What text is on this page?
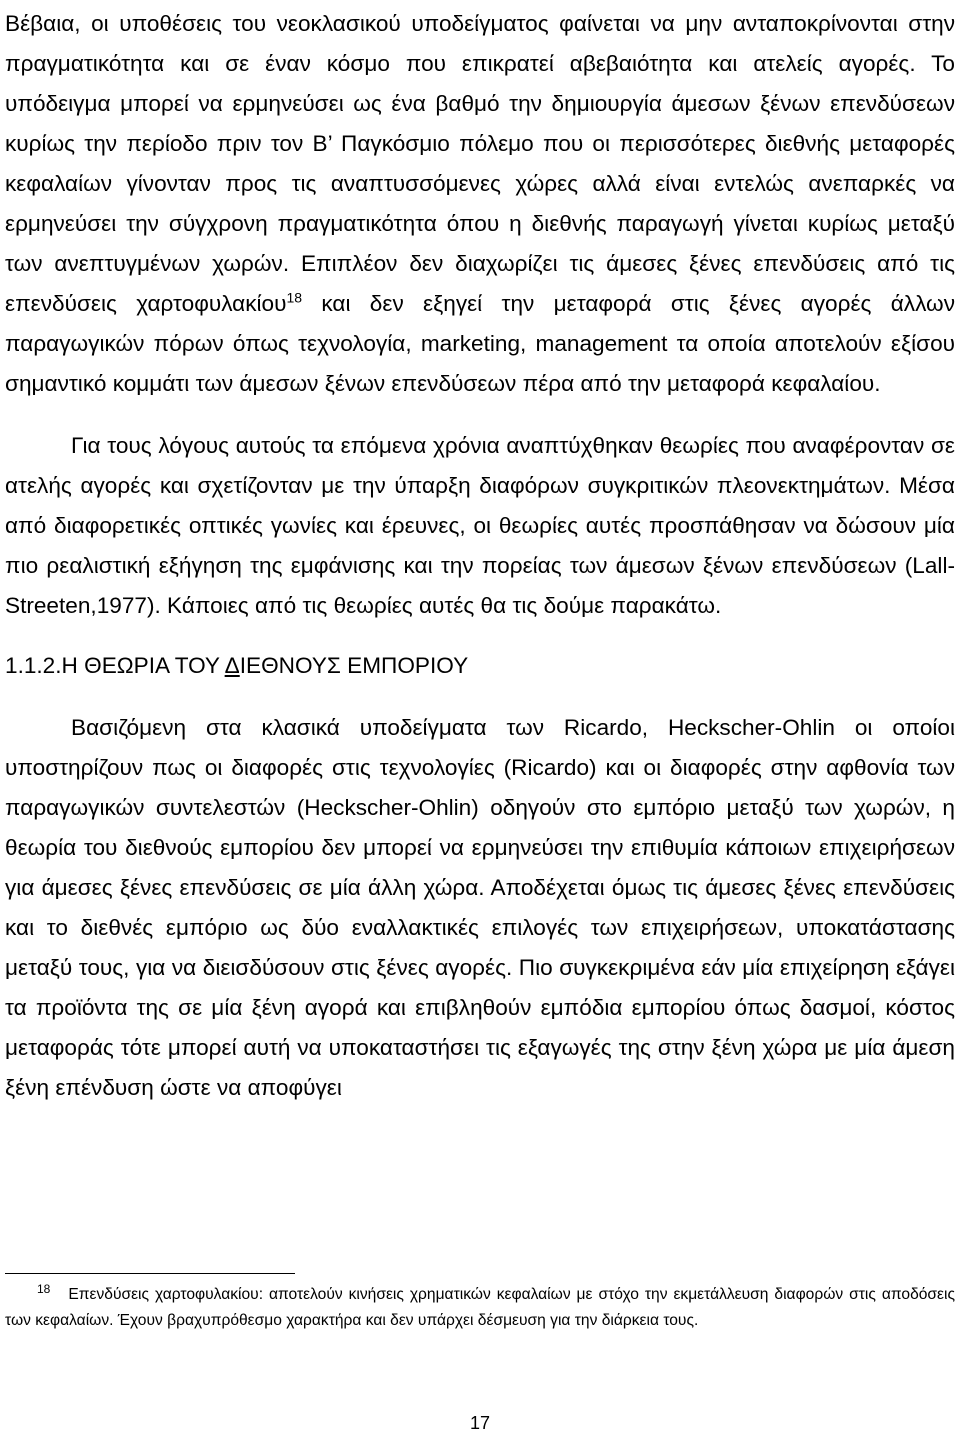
Βέβαια, οι υποθέσεις του νεοκλασικού υποδείγματος φαίνεται να μην ανταποκρίνονται στην πραγματικότητα και σε έναν κόσμο που επικρατεί αβεβαιότητα και ατελείς αγορές. Το υπόδειγμα μπορεί να ερμηνεύσει ως ένα βαθμό την δημιουργία άμεσων ξένων επενδύσεων κυρίως την περίοδο πριν τον Β’ Παγκόσμιο πόλεμο που οι περισσότερες διεθνής μεταφορές κεφαλαίων γίνονταν προς τις αναπτυσσόμενες χώρες αλλά είναι εντελώς ανεπαρκές να ερμηνεύσει την σύγχρονη πραγματικότητα όπου η διεθνής παραγωγή γίνεται κυρίως μεταξύ των ανεπτυγμένων χωρών. Επιπλέον δεν διαχωρίζει τις άμεσες ξένες επενδύσεις από τις επενδύσεις χαρτοφυλακίου$^{18}$ και δεν εξηγεί την μεταφορά στις ξένες αγορές άλλων παραγωγικών πόρων όπως τεχνολογία, marketing, management τα οποία αποτελούν εξίσου σημαντικό κομμάτι των άμεσων ξένων επενδύσεων πέρα από την μεταφορά κεφαλαίου.

Για τους λόγους αυτούς τα επόμενα χρόνια αναπτύχθηκαν θεωρίες που αναφέρονταν σε ατελής αγορές και σχετίζονταν με την ύπαρξη διαφόρων συγκριτικών πλεονεκτημάτων. Μέσα από διαφορετικές οπτικές γωνίες και έρευνες, οι θεωρίες αυτές προσπάθησαν να δώσουν μία πιο ρεαλιστική εξήγηση της εμφάνισης και την πορείας των άμεσων ξένων επενδύσεων (Lall-Streeten,1977). Κάποιες από τις θεωρίες αυτές θα τις δούμε παρακάτω.

1.1.2.Η ΘΕΩΡΙΑ ΤΟΥ ΔΙΕΘΝΟΥΣ ΕΜΠΟΡΙΟΥ

Βασιζόμενη στα κλασικά υποδείγματα των Ricardo, Heckscher-Ohlin οι οποίοι υποστηρίζουν πως οι διαφορές στις τεχνολογίες (Ricardo) και οι διαφορές στην αφθονία των παραγωγικών συντελεστών (Heckscher-Ohlin) οδηγούν στο εμπόριο μεταξύ των χωρών, η θεωρία του διεθνούς εμπορίου δεν μπορεί να ερμηνεύσει την επιθυμία κάποιων επιχειρήσεων για άμεσες ξένες επενδύσεις σε μία άλλη χώρα. Αποδέχεται όμως τις άμεσες ξένες επενδύσεις και το διεθνές εμπόριο ως δύο εναλλακτικές επιλογές των επιχειρήσεων, υποκατάστασης μεταξύ τους, για να διεισδύσουν στις ξένες αγορές. Πιο συγκεκριμένα εάν μία επιχείρηση εξάγει τα προϊόντα της σε μία ξένη αγορά και επιβληθούν εμπόδια εμπορίου όπως δασμοί, κόστος μεταφοράς τότε μπορεί αυτή να υποκαταστήσει τις εξαγωγές της στην ξένη χώρα με μία άμεση ξένη επένδυση ώστε να αποφύγει

$^{18}$ Επενδύσεις χαρτοφυλακίου: αποτελούν κινήσεις χρηματικών κεφαλαίων με στόχο την εκμετάλλευση διαφορών στις αποδόσεις των κεφαλαίων. Έχουν βραχυπρόθεσμο χαρακτήρα και δεν υπάρχει δέσμευση για την διάρκεια τους.

17
